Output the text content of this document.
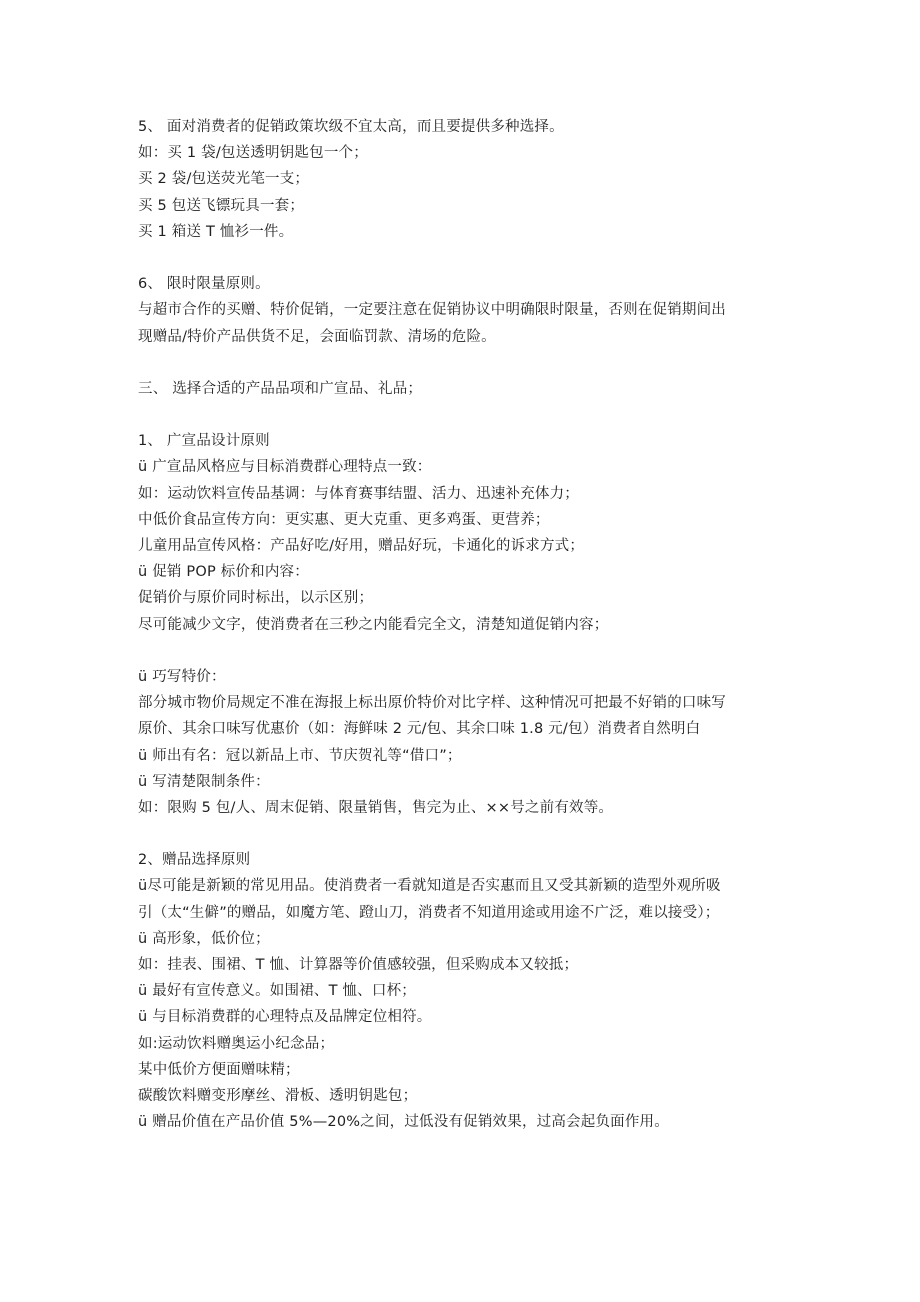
www.zixin.com.cn
5、 面对消费者的促销政策坎级不宜太高，而且要提供多种选择。
如：买 1 袋/包送透明钥匙包一个；
买 2 袋/包送荧光笔一支；
买 5 包送飞镖玩具一套；
买 1 箱送 T 恤衫一件。
6、 限时限量原则。
与超市合作的买赠、特价促销，一定要注意在促销协议中明确限时限量，否则在促销期间出
现赠品/特价产品供货不足，会面临罚款、清场的危险。
三、 选择合适的产品品项和广宣品、礼品；
1、 广宣品设计原则
ü 广宣品风格应与目标消费群心理特点一致：
如：运动饮料宣传品基调：与体育赛事结盟、活力、迅速补充体力；
中低价食品宣传方向：更实惠、更大克重、更多鸡蛋、更营养；
儿童用品宣传风格：产品好吃/好用，赠品好玩，卡通化的诉求方式；
ü 促销 POP 标价和内容：
促销价与原价同时标出，以示区别；
尽可能减少文字，使消费者在三秒之内能看完全文，清楚知道促销内容；
ü 巧写特价：
部分城市物价局规定不准在海报上标出原价特价对比字样、这种情况可把最不好销的口味写
原价、其余口味写优惠价（如：海鲜味 2 元/包、其余口味 1.8 元/包）消费者自然明白
ü 师出有名：冠以新品上市、节庆贺礼等“借口”；
ü 写清楚限制条件：
如：限购 5 包/人、周末促销、限量销售，售完为止、××号之前有效等。
2、赠品选择原则
ü尽可能是新颖的常见用品。使消费者一看就知道是否实惠而且又受其新颖的造型外观所吸
引（太“生僻”的赠品，如魔方笔、蹬山刀，消费者不知道用途或用途不广泛，难以接受）；
ü 高形象，低价位；
如：挂表、围裙、T 恤、计算器等价值感较强，但采购成本又较抵；
ü 最好有宣传意义。如围裙、T 恤、口杯；
ü 与目标消费群的心理特点及品牌定位相符。
如:运动饮料赠奥运小纪念品；
某中低价方便面赠味精；
碳酸饮料赠变形摩丝、滑板、透明钥匙包；
ü 赠品价值在产品价值 5%—20%之间，过低没有促销效果，过高会起负面作用。
